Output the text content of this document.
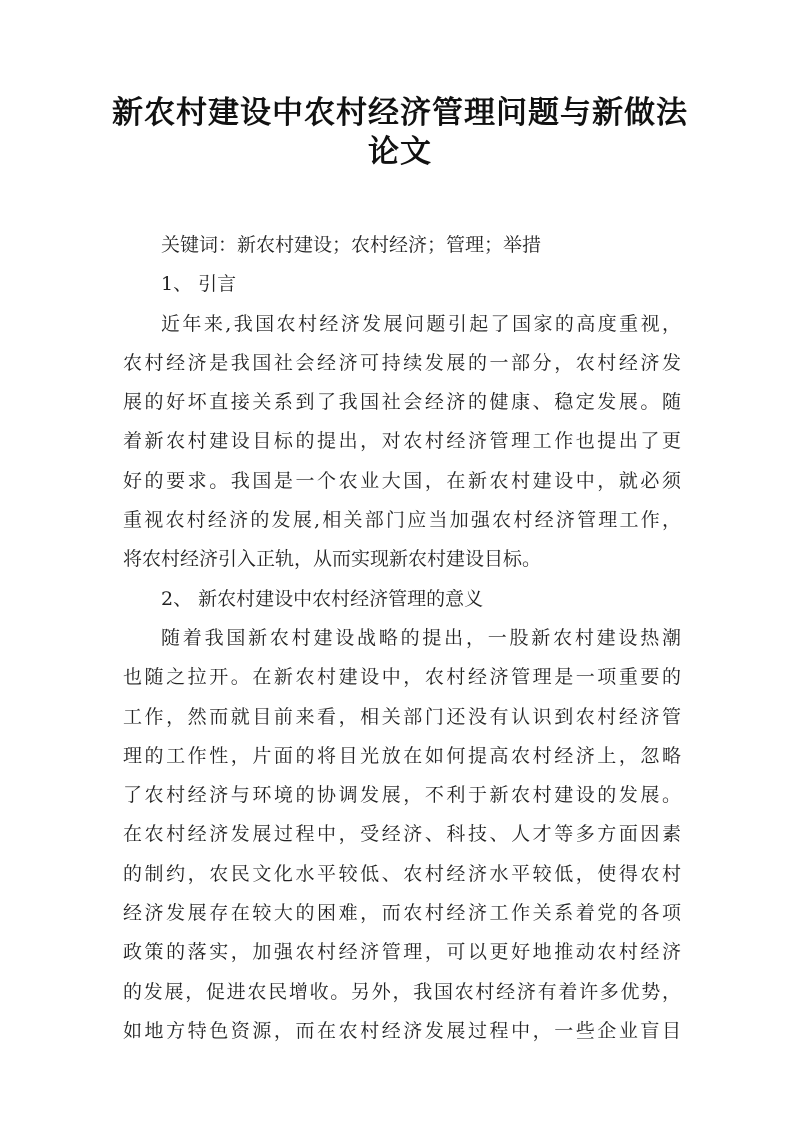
新农村建设中农村经济管理问题与新做法
论文
关键词：新农村建设；农村经济；管理；举措
1、 引言
近年来,我国农村经济发展问题引起了国家的高度重视，
农村经济是我国社会经济可持续发展的一部分，农村经济发
展的好坏直接关系到了我国社会经济的健康、稳定发展。随
着新农村建设目标的提出，对农村经济管理工作也提出了更
好的要求。我国是一个农业大国，在新农村建设中，就必须
重视农村经济的发展,相关部门应当加强农村经济管理工作，
将农村经济引入正轨，从而实现新农村建设目标。
2、 新农村建设中农村经济管理的意义
随着我国新农村建设战略的提出，一股新农村建设热潮
也随之拉开。在新农村建设中，农村经济管理是一项重要的
工作，然而就目前来看，相关部门还没有认识到农村经济管
理的工作性，片面的将目光放在如何提高农村经济上，忽略
了农村经济与环境的协调发展，不利于新农村建设的发展。
在农村经济发展过程中，受经济、科技、人才等多方面因素
的制约，农民文化水平较低、农村经济水平较低，使得农村
经济发展存在较大的困难，而农村经济工作关系着党的各项
政策的落实，加强农村经济管理，可以更好地推动农村经济
的发展，促进农民增收。另外，我国农村经济有着许多优势，
如地方特色资源，而在农村经济发展过程中，一些企业盲目
